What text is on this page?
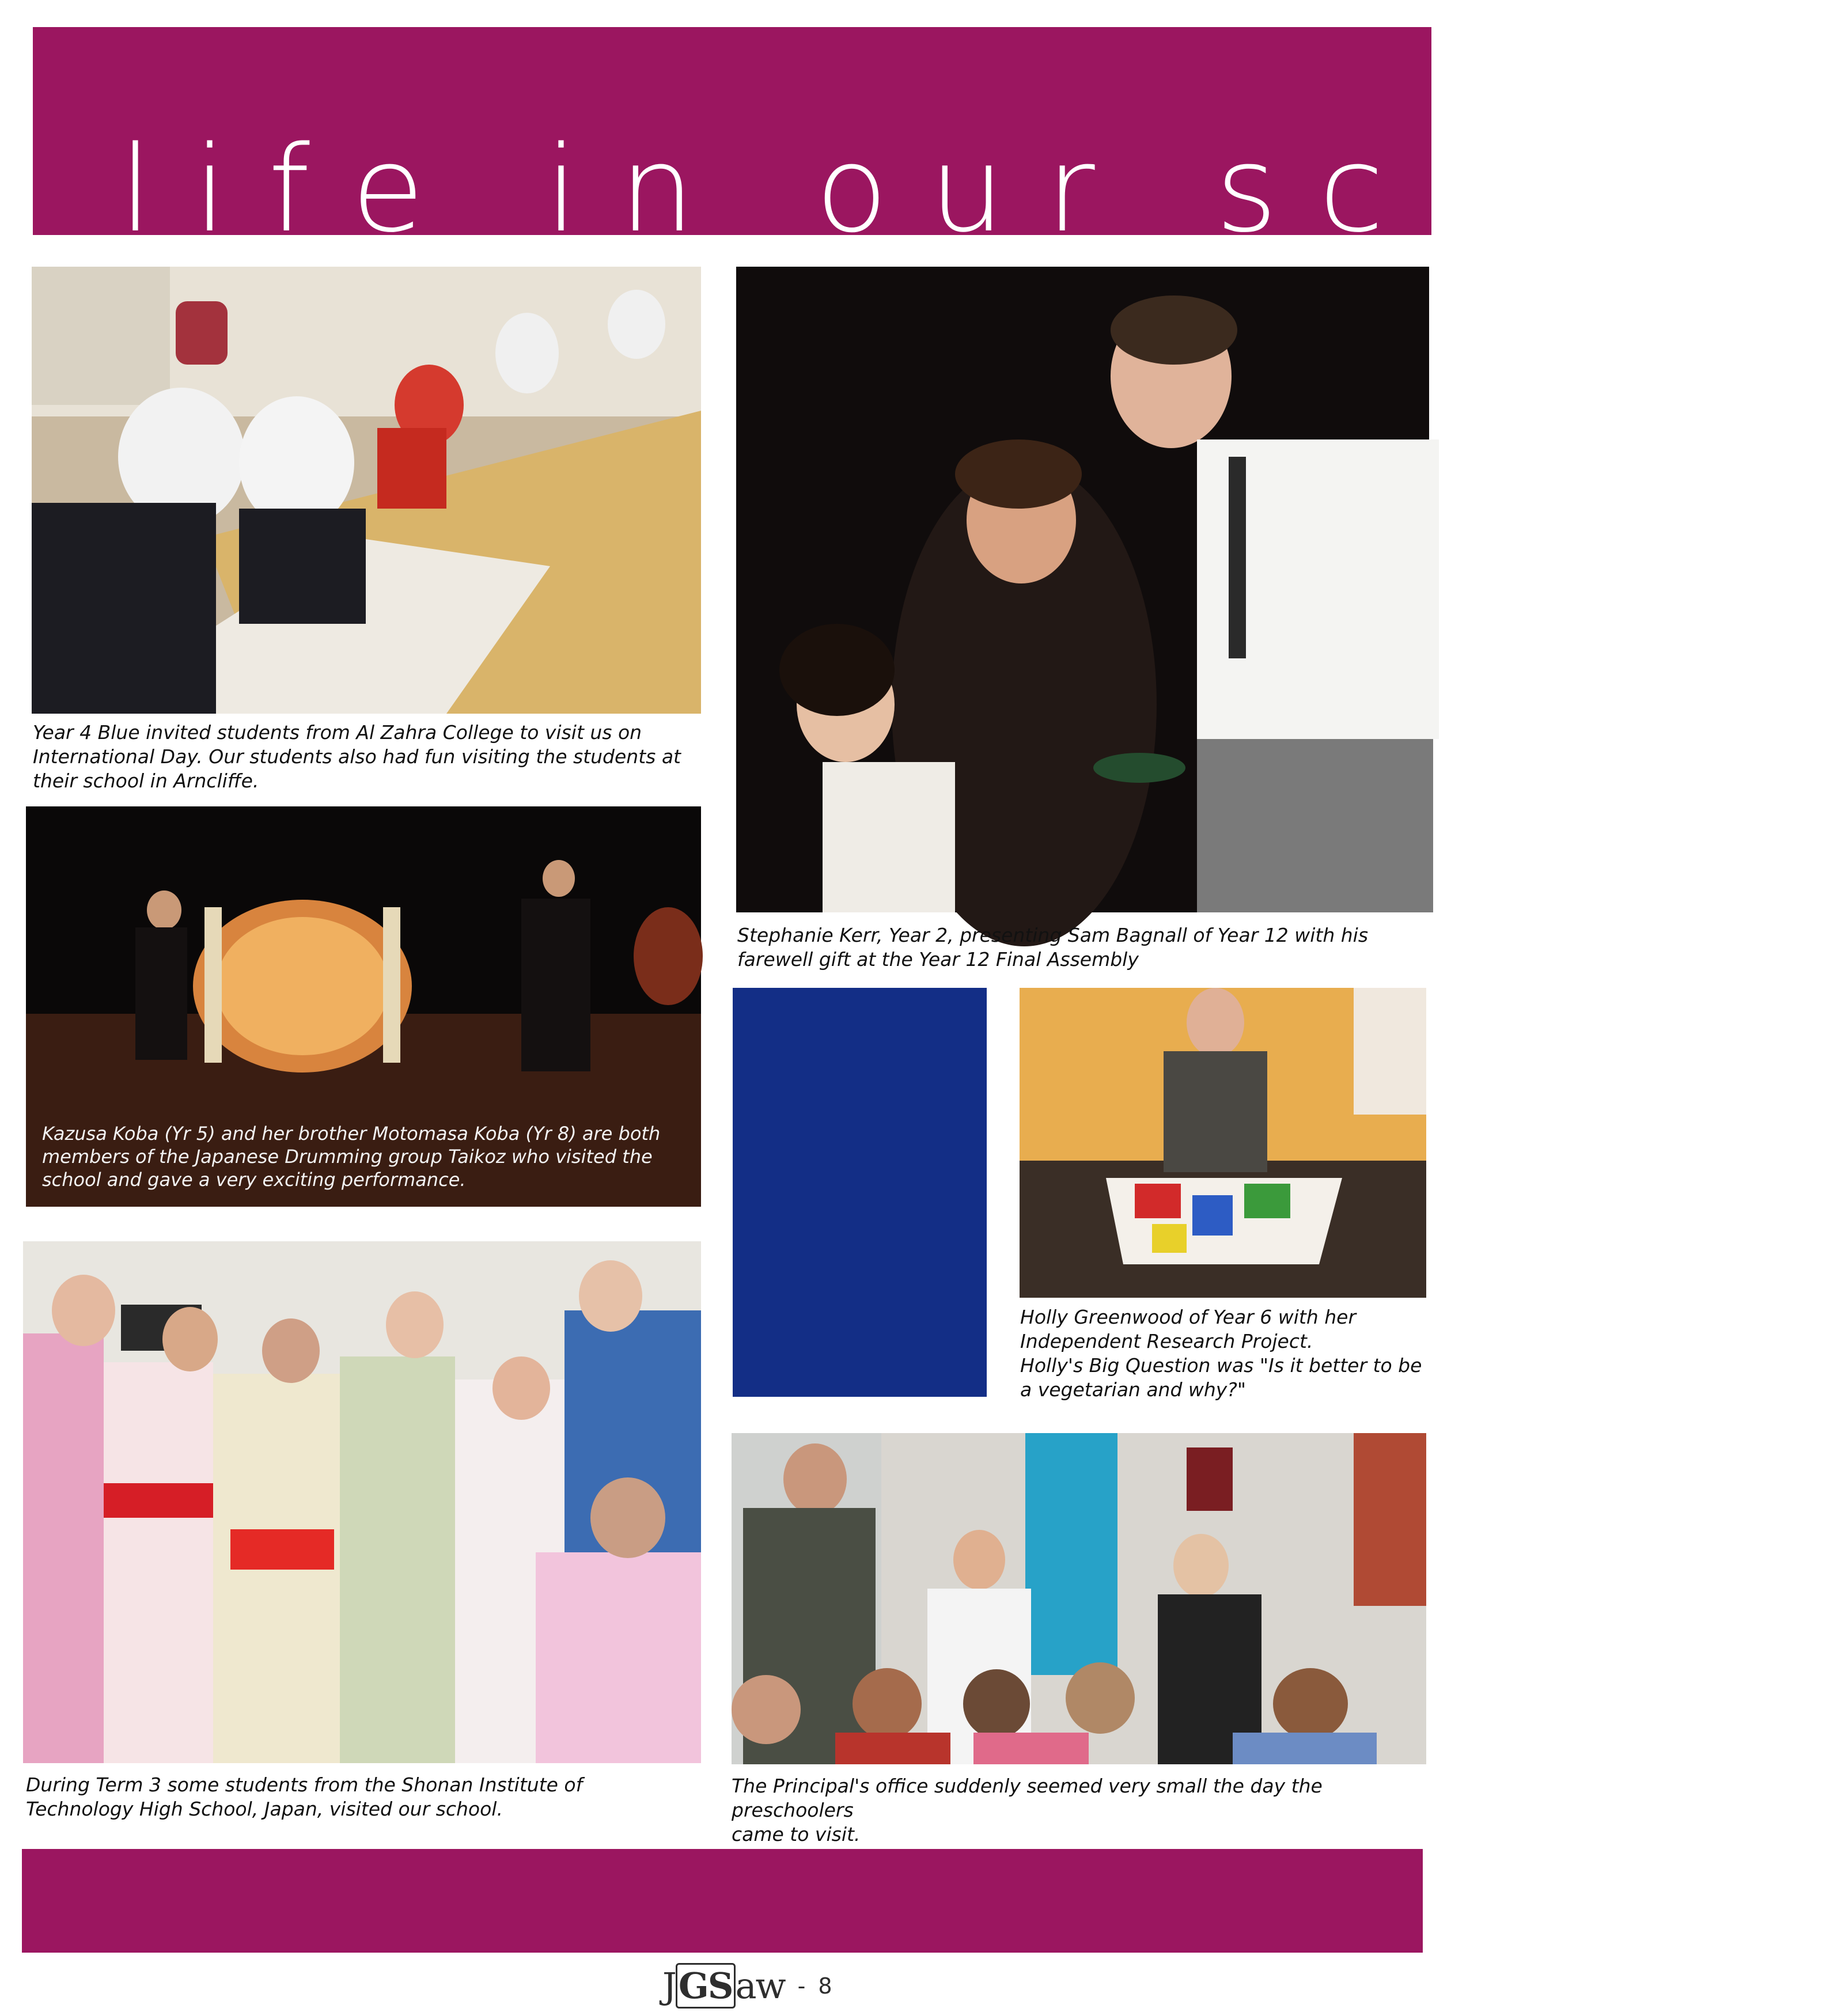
life in our school

Year 4 Blue invited students from Al Zahra College to visit us on
International Day. Our students also had fun visiting the students at
their school in Arncliffe.

Stephanie Kerr, Year 2, presenting Sam Bagnall of Year 12 with his
farewell gift at the Year 12 Final Assembly

Kazusa Koba (Yr 5) and her brother Motomasa Koba (Yr 8) are both
members of the Japanese Drumming group Taikoz who visited the
school and gave a very exciting performance.

Holly Greenwood of Year 6 with her
Independent Research Project.
Holly's Big Question was "Is it better to be
a vegetarian and why?"

During Term 3 some students from the Shonan Institute of
Technology High School, Japan, visited our school.

The Principal's office suddenly seemed very small the day the preschoolers
came to visit.

JGSaw - 8
